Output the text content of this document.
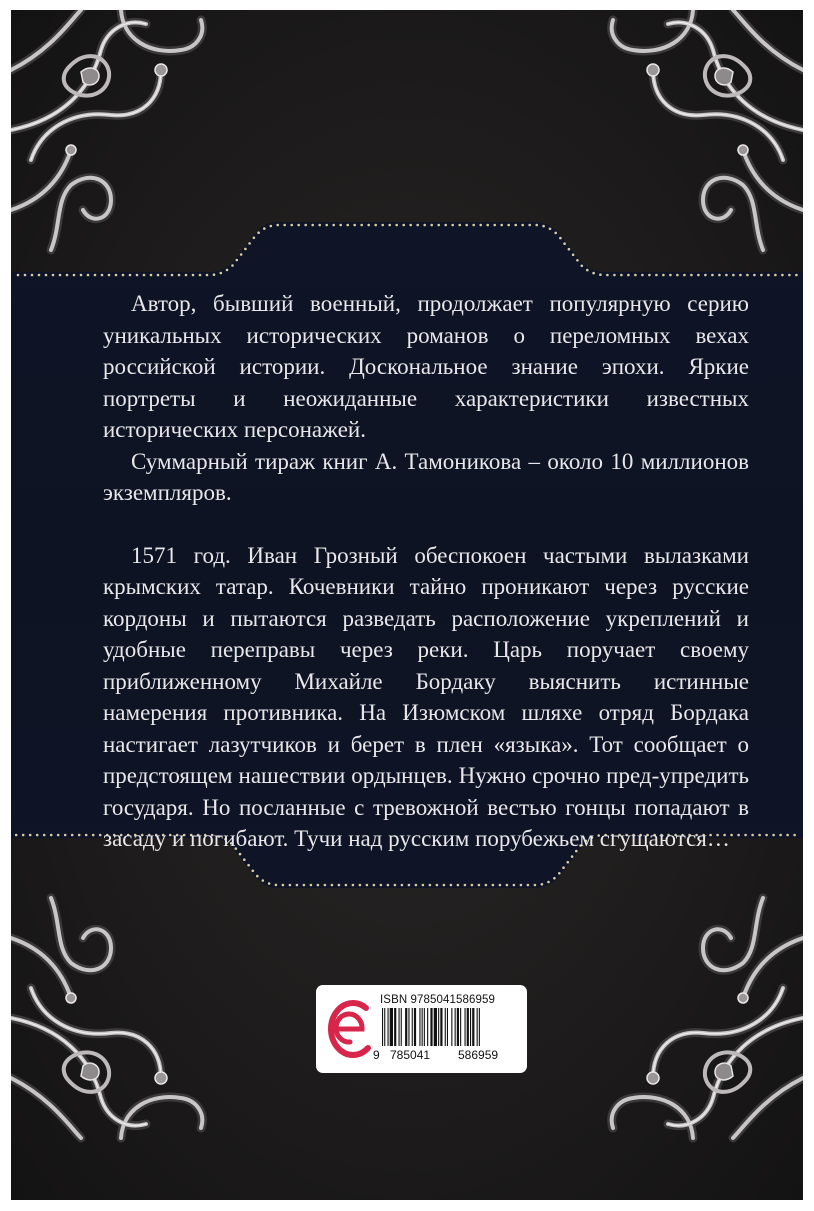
Автор, бывший военный, продолжает популярную серию уникальных исторических романов о переломных вехах российской истории. Доскональное знание эпохи. Яркие портреты и неожиданные характеристики известных исторических персонажей.

Суммарный тираж книг А. Тамоникова – около 10 миллионов экземпляров.

1571 год. Иван Грозный обеспокоен частыми вылазками крымских татар. Кочевники тайно проникают через русские кордоны и пытаются разведать расположение укреплений и удобные переправы через реки. Царь поручает своему приближенному Михайле Бордаку выяснить истинные намерения противника. На Изюмском шляхе отряд Бордака настигает лазутчиков и берет в плен «языка». Тот сообщает о предстоящем нашествии ордынцев. Нужно срочно пред-упредить государя. Но посланные с тревожной вестью гонцы попадают в засаду и погибают. Тучи над русским порубежьем сгущаются…

ISBN 9785041586959
9 785041 586959
